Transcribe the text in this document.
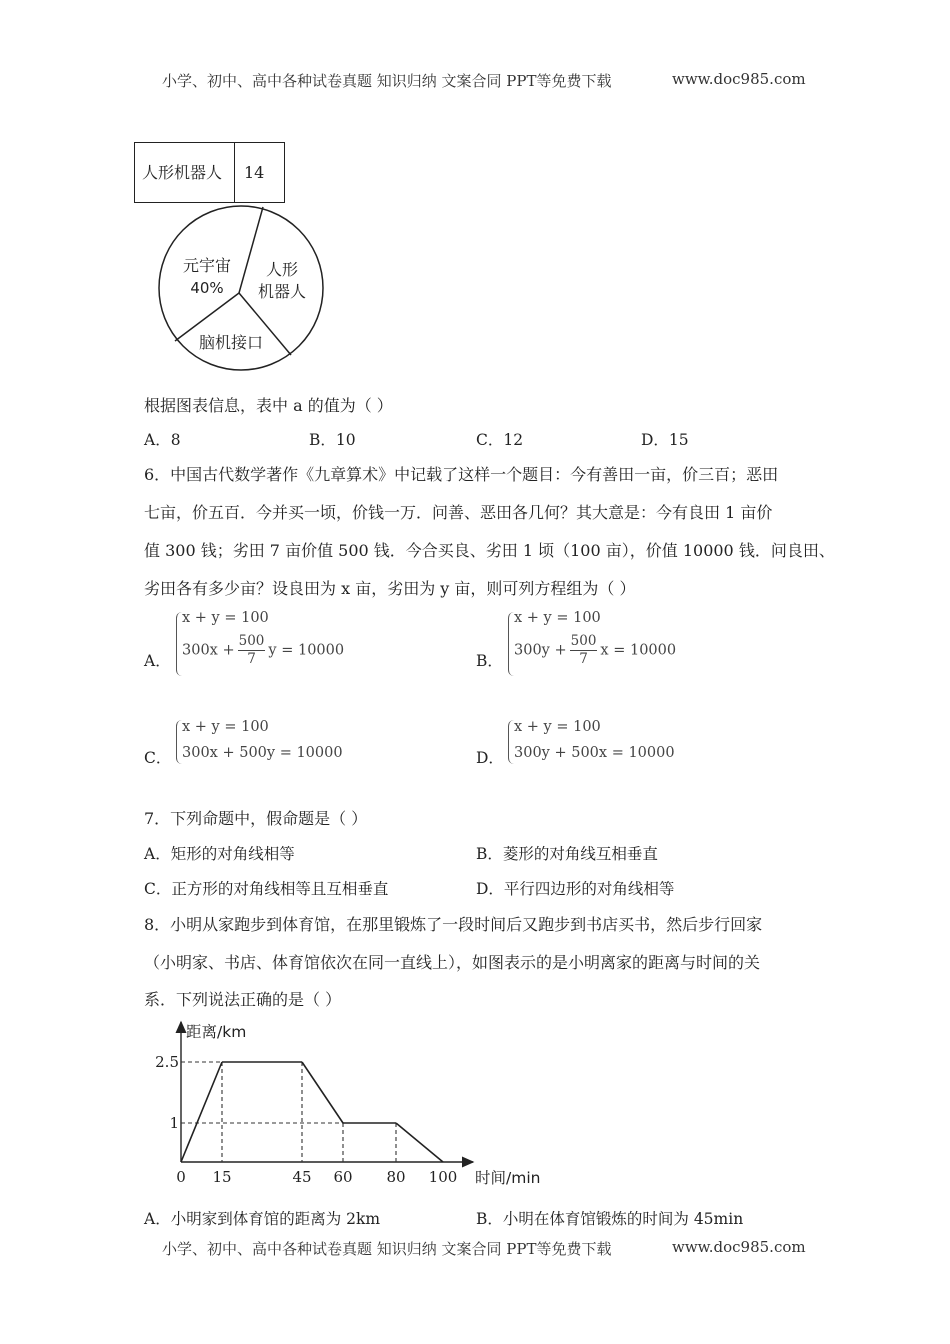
小学、初中、高中各种试卷真题 知识归纳 文案合同 PPT等免费下载	www.doc985.com
人形机器人	14
元宇宙
40%
人形
机器人
脑机接口
根据图表信息，表中 a 的值为（ ）
A．8	B．10	C．12	D．15
6．中国古代数学著作《九章算术》中记载了这样一个题目：今有善田一亩，价三百；恶田
七亩，价五百．今并买一顷，价钱一万．问善、恶田各几何？其大意是：今有良田 1 亩价
值 300 钱；劣田 7 亩价值 500 钱．今合买良、劣田 1 顷（100 亩），价值 10000 钱．问良田、
劣田各有多少亩？设良田为 x 亩，劣田为 y 亩，则可列方程组为（ ）
A．
x + y = 100
$300x + \frac{500}{7}$ y = 10000
B．
x + y = 100
$300y + \frac{500}{7}$ x = 10000
C．
x + y = 100
300x + 500y = 10000	D．
x + y = 100
300y + 500x = 10000
7．下列命题中，假命题是（ ）
A．矩形的对角线相等	B．菱形的对角线互相垂直
C．正方形的对角线相等且互相垂直	D．平行四边形的对角线相等
8．小明从家跑步到体育馆，在那里锻炼了一段时间后又跑步到书店买书，然后步行回家
（小明家、书店、体育馆依次在同一直线上），如图表示的是小明离家的距离与时间的关
系．下列说法正确的是（ ）
距离/km
时间/min
0 15	45 60 80 100
1
2.5
A．小明家到体育馆的距离为 2km	B．小明在体育馆锻炼的时间为 45min
小学、初中、高中各种试卷真题 知识归纳 文案合同 PPT等免费下载	www.doc985.com
